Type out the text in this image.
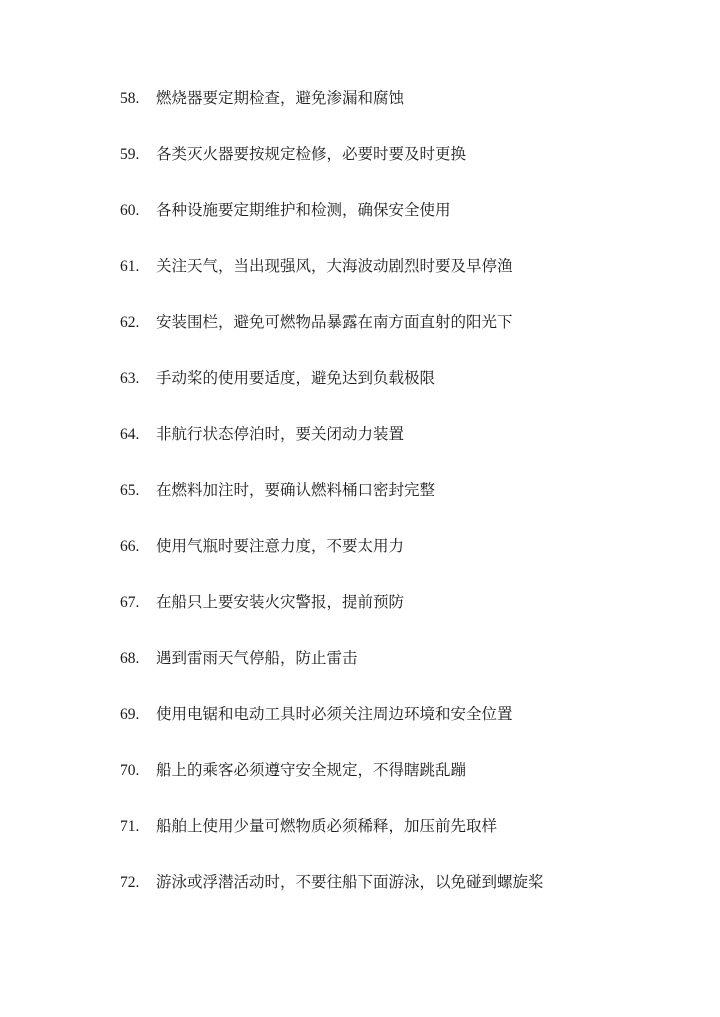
58. 燃烧器要定期检查，避免渗漏和腐蚀
59. 各类灭火器要按规定检修，必要时要及时更换
60. 各种设施要定期维护和检测，确保安全使用
61. 关注天气，当出现强风，大海波动剧烈时要及早停渔
62. 安装围栏，避免可燃物品暴露在南方面直射的阳光下
63. 手动桨的使用要适度，避免达到负载极限
64. 非航行状态停泊时，要关闭动力装置
65. 在燃料加注时，要确认燃料桶口密封完整
66. 使用气瓶时要注意力度，不要太用力
67. 在船只上要安装火灾警报，提前预防
68. 遇到雷雨天气停船，防止雷击
69. 使用电锯和电动工具时必须关注周边环境和安全位置
70. 船上的乘客必须遵守安全规定，不得瞎跳乱蹦
71. 船舶上使用少量可燃物质必须稀释，加压前先取样
72. 游泳或浮潜活动时，不要往船下面游泳，以免碰到螺旋桨
